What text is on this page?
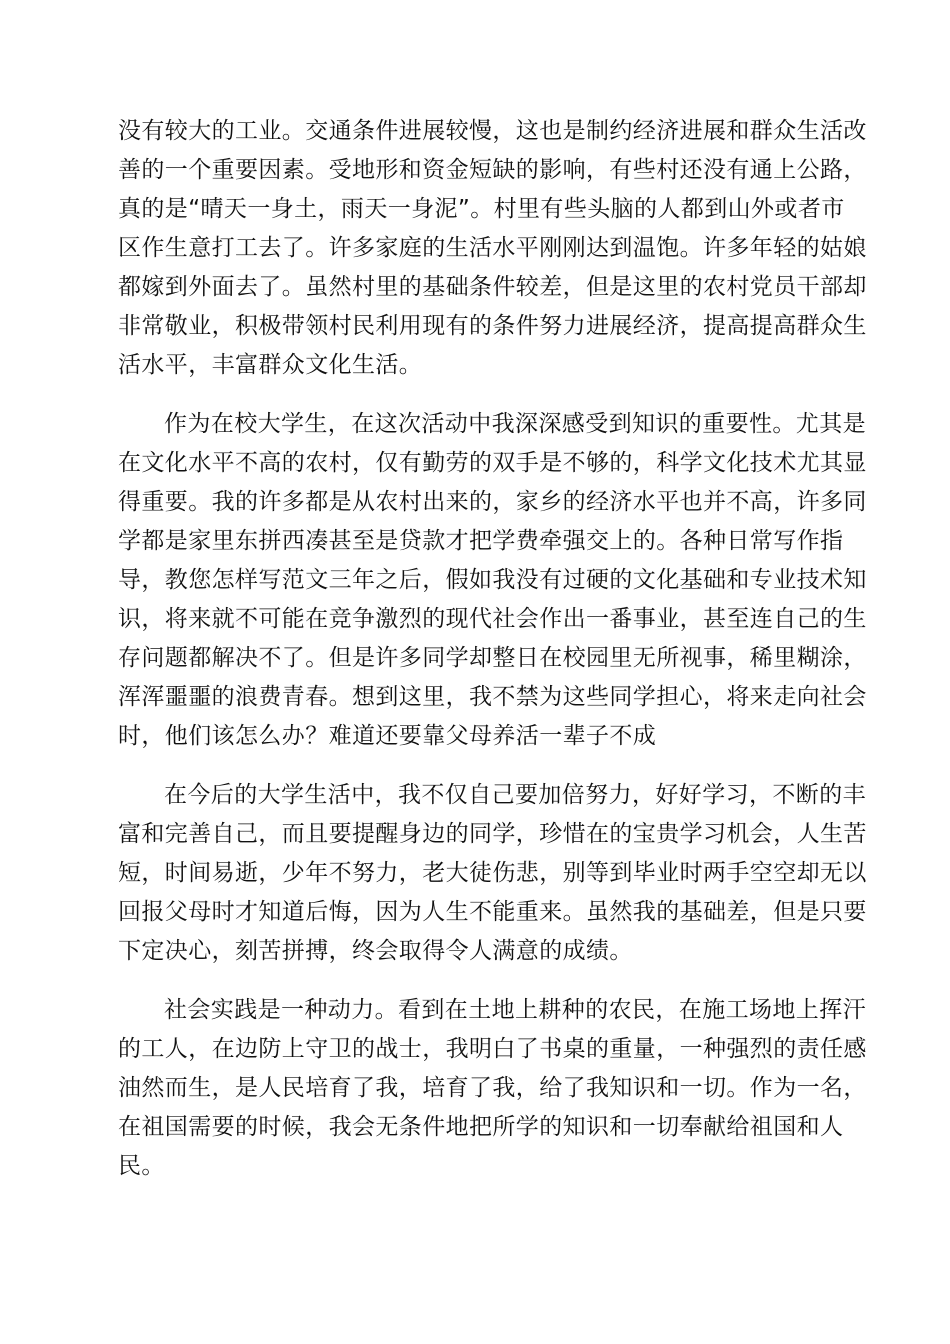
没有较大的工业。交通条件进展较慢，这也是制约经济进展和群众生活改
善的一个重要因素。受地形和资金短缺的影响，有些村还没有通上公路，
真的是“晴天一身土，雨天一身泥”。村里有些头脑的人都到山外或者市
区作生意打工去了。许多家庭的生活水平刚刚达到温饱。许多年轻的姑娘
都嫁到外面去了。虽然村里的基础条件较差，但是这里的农村党员干部却
非常敬业，积极带领村民利用现有的条件努力进展经济，提高提高群众生
活水平，丰富群众文化生活。
作为在校大学生，在这次活动中我深深感受到知识的重要性。尤其是
在文化水平不高的农村，仅有勤劳的双手是不够的，科学文化技术尤其显
得重要。我的许多都是从农村出来的，家乡的经济水平也并不高，许多同
学都是家里东拼西凑甚至是贷款才把学费牵强交上的。各种日常写作指
导，教您怎样写范文三年之后，假如我没有过硬的文化基础和专业技术知
识，将来就不可能在竞争激烈的现代社会作出一番事业，甚至连自己的生
存问题都解决不了。但是许多同学却整日在校园里无所视事，稀里糊涂，
浑浑噩噩的浪费青春。想到这里，我不禁为这些同学担心，将来走向社会
时，他们该怎么办？难道还要靠父母养活一辈子不成
在今后的大学生活中，我不仅自己要加倍努力，好好学习，不断的丰
富和完善自己，而且要提醒身边的同学，珍惜在的宝贵学习机会，人生苦
短，时间易逝，少年不努力，老大徒伤悲，别等到毕业时两手空空却无以
回报父母时才知道后悔，因为人生不能重来。虽然我的基础差，但是只要
下定决心，刻苦拼搏，终会取得令人满意的成绩。
社会实践是一种动力。看到在土地上耕种的农民，在施工场地上挥汗
的工人，在边防上守卫的战士，我明白了书桌的重量，一种强烈的责任感
油然而生，是人民培育了我，培育了我，给了我知识和一切。作为一名，
在祖国需要的时候，我会无条件地把所学的知识和一切奉献给祖国和人
民。
